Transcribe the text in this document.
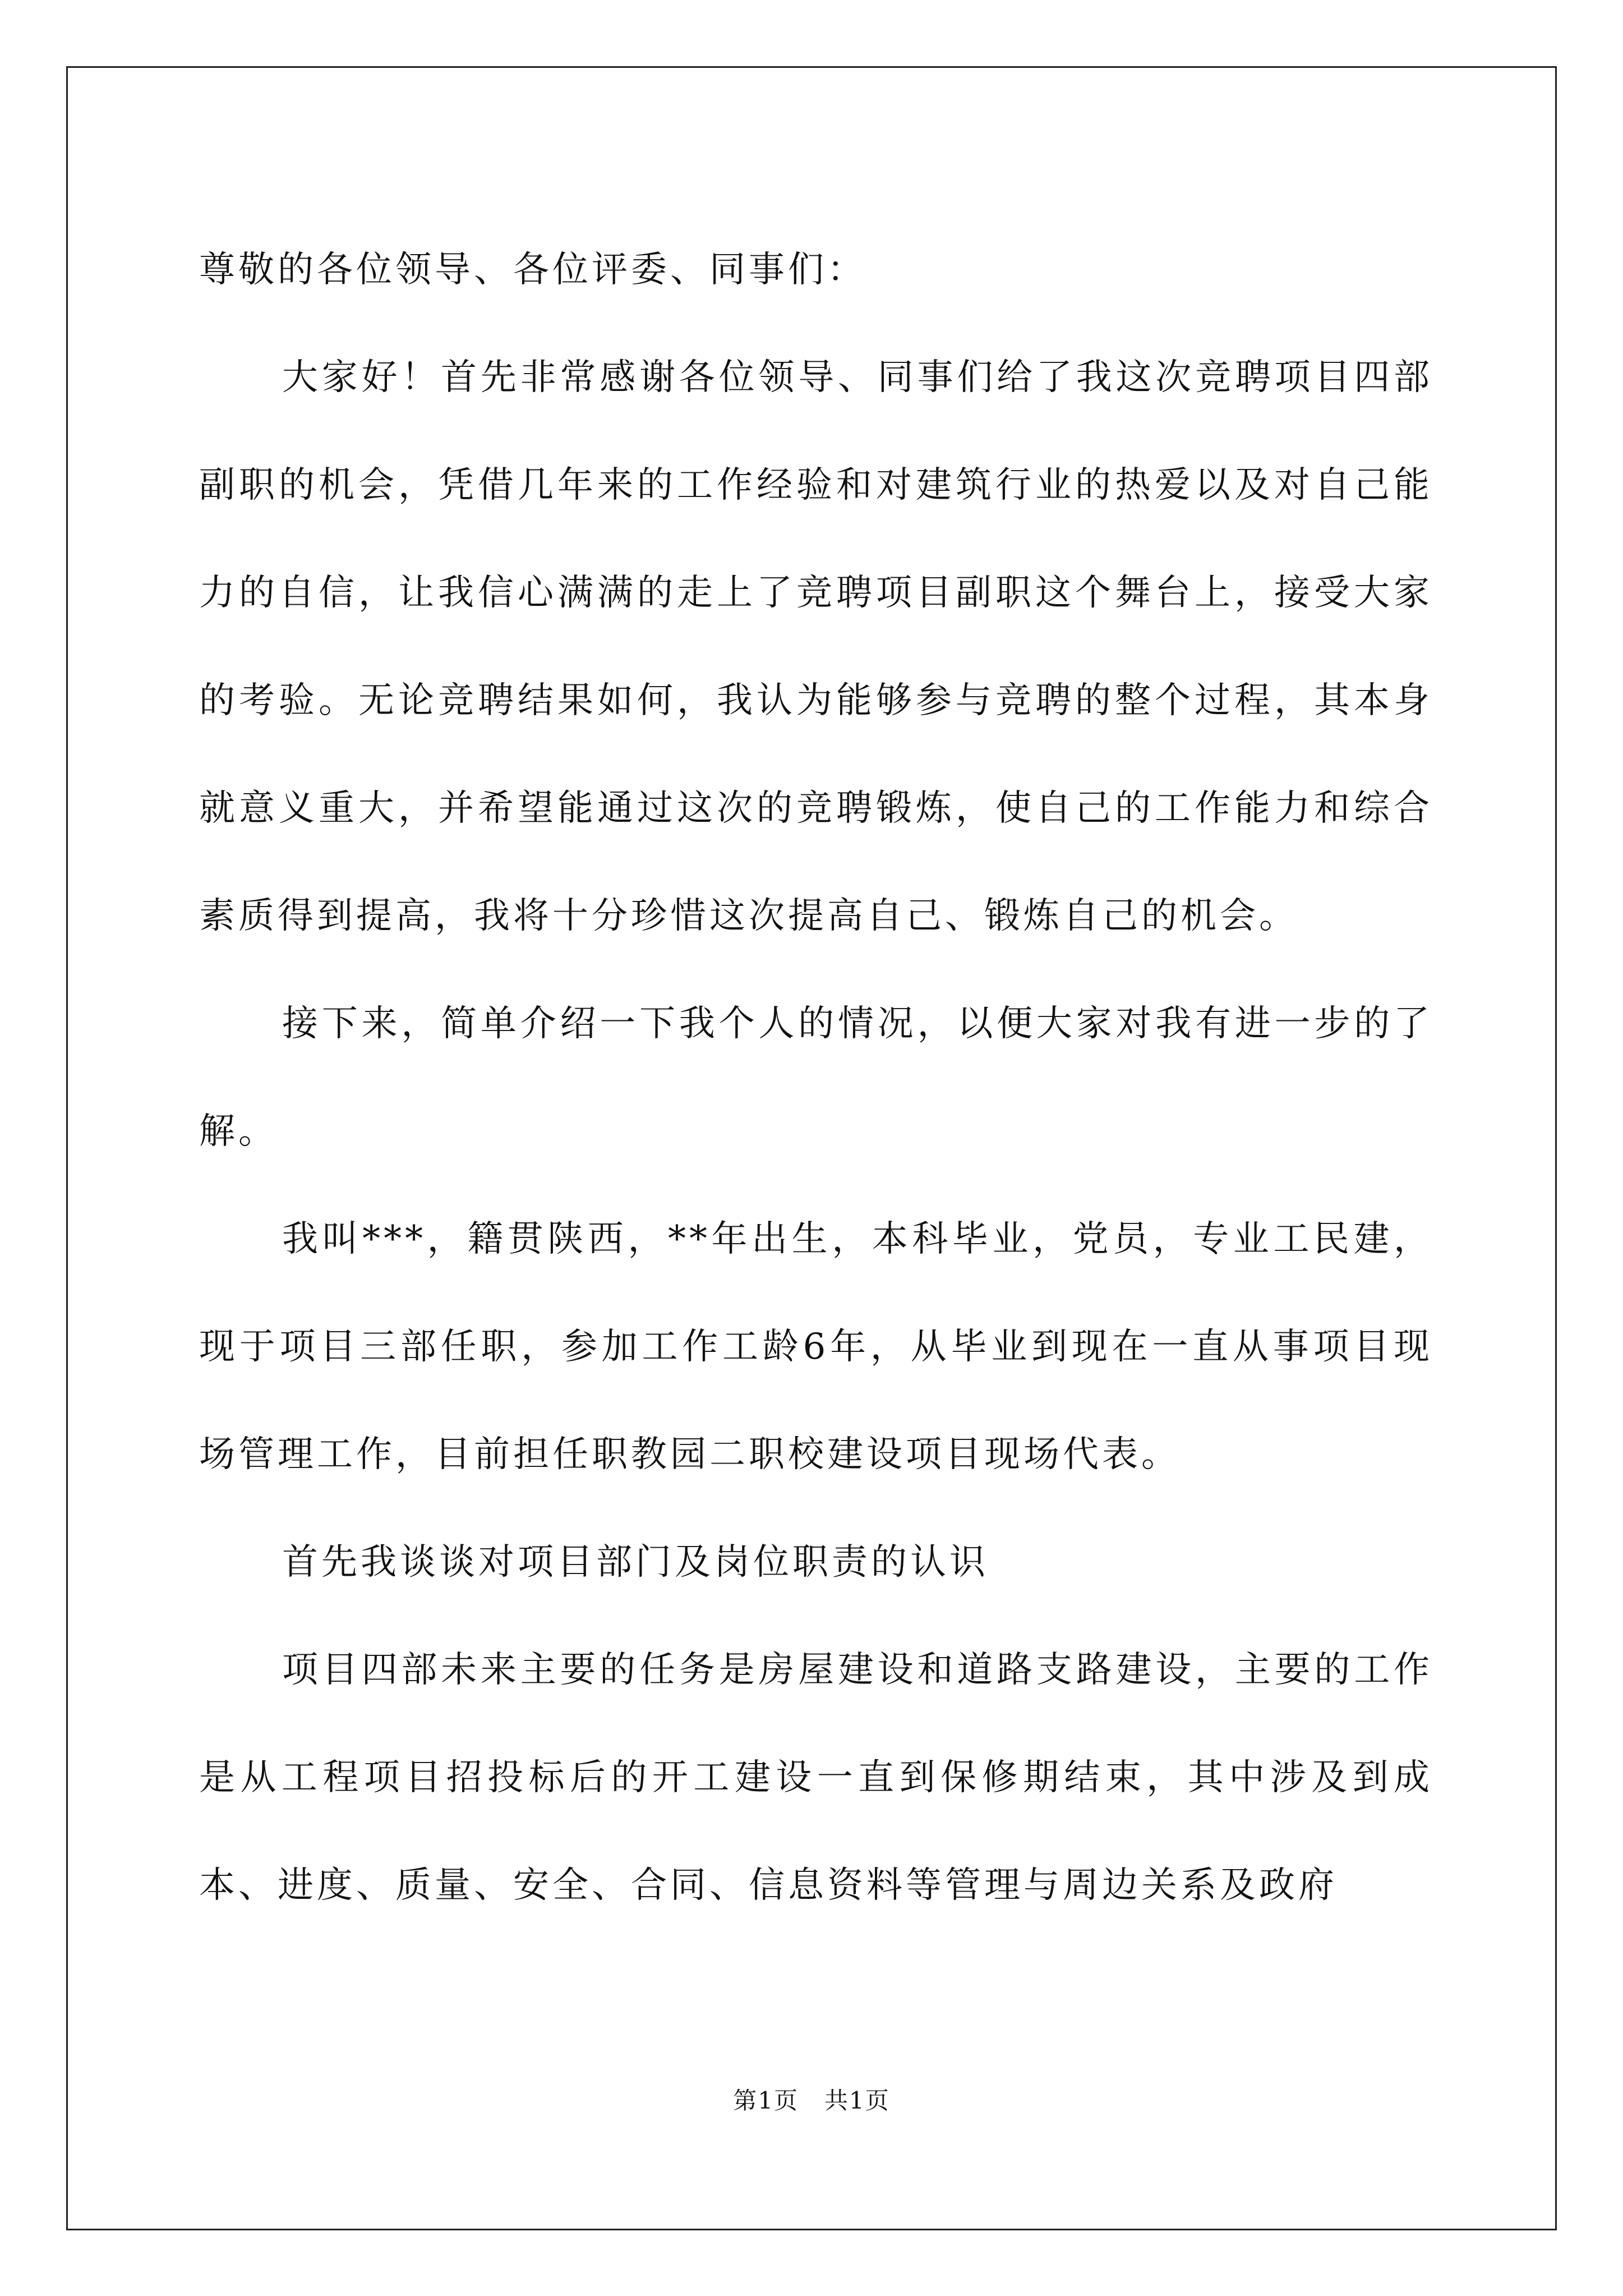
尊敬的各位领导、各位评委、同事们：

大家好！首先非常感谢各位领导、同事们给了我这次竞聘项目四部副职的机会，凭借几年来的工作经验和对建筑行业的热爱以及对自己能力的自信，让我信心满满的走上了竞聘项目副职这个舞台上，接受大家的考验。无论竞聘结果如何，我认为能够参与竞聘的整个过程，其本身就意义重大，并希望能通过这次的竞聘锻炼，使自己的工作能力和综合素质得到提高，我将十分珍惜这次提高自己、锻炼自己的机会。

接下来，简单介绍一下我个人的情况，以便大家对我有进一步的了解。

我叫***，籍贯陕西，**年出生，本科毕业，党员，专业工民建，现于项目三部任职，参加工作工龄6年，从毕业到现在一直从事项目现场管理工作，目前担任职教园二职校建设项目现场代表。

首先我谈谈对项目部门及岗位职责的认识

项目四部未来主要的任务是房屋建设和道路支路建设，主要的工作是从工程项目招投标后的开工建设一直到保修期结束，其中涉及到成本、进度、质量、安全、合同、信息资料等管理与周边关系及政府

第1页 共1页
